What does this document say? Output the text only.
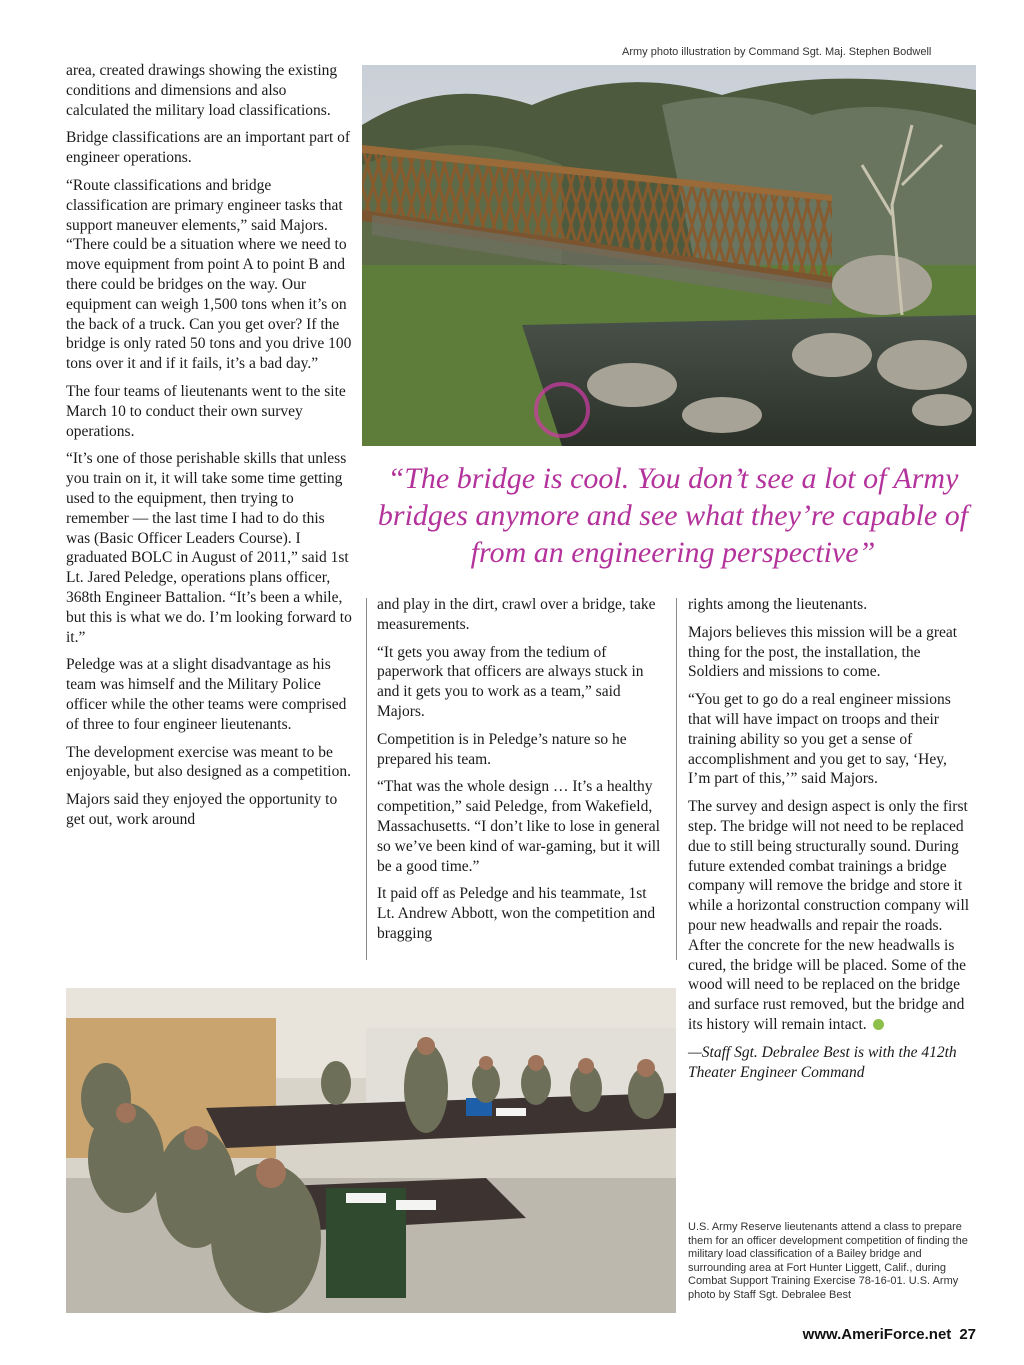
Army photo illustration by Command Sgt. Maj. Stephen Bodwell

area, created drawings showing the existing conditions and dimensions and also calculated the military load classifications.

Bridge classifications are an important part of engineer operations.

“Route classifications and bridge classification are primary engineer tasks that support maneuver elements,” said Majors. “There could be a situation where we need to move equipment from point A to point B and there could be bridges on the way. Our equipment can weigh 1,500 tons when it’s on the back of a truck. Can you get over? If the bridge is only rated 50 tons and you drive 100 tons over it and if it fails, it’s a bad day.”

The four teams of lieutenants went to the site March 10 to conduct their own survey operations.

“It’s one of those perishable skills that unless you train on it, it will take some time getting used to the equipment, then trying to remember — the last time I had to do this was (Basic Officer Leaders Course). I graduated BOLC in August of 2011,” said 1st Lt. Jared Peledge, operations plans officer, 368th Engineer Battalion. “It’s been a while, but this is what we do. I’m looking forward to it.”

Peledge was at a slight disadvantage as his team was himself and the Military Police officer while the other teams were comprised of three to four engineer lieutenants.

The development exercise was meant to be enjoyable, but also designed as a competition.

Majors said they enjoyed the opportunity to get out, work around

“The bridge is cool. You don’t see a lot of Army bridges anymore and see what they’re capable of from an engineering perspective”

and play in the dirt, crawl over a bridge, take measurements.

“It gets you away from the tedium of paperwork that officers are always stuck in and it gets you to work as a team,” said Majors.

Competition is in Peledge’s nature so he prepared his team.

“That was the whole design … It’s a healthy competition,” said Peledge, from Wakefield, Massachusetts. “I don’t like to lose in general so we’ve been kind of war-gaming, but it will be a good time.”

It paid off as Peledge and his teammate, 1st Lt. Andrew Abbott, won the competition and bragging

rights among the lieutenants.

Majors believes this mission will be a great thing for the post, the installation, the Soldiers and missions to come.

“You get to go do a real engineer missions that will have impact on troops and their training ability so you get a sense of accomplishment and you get to say, ‘Hey, I’m part of this,’” said Majors.

The survey and design aspect is only the first step. The bridge will not need to be replaced due to still being structurally sound. During future extended combat trainings a bridge company will remove the bridge and store it while a horizontal construction company will pour new headwalls and repair the roads. After the concrete for the new headwalls is cured, the bridge will be placed. Some of the wood will need to be replaced on the bridge and surface rust removed, but the bridge and its history will remain intact.

—Staff Sgt. Debralee Best is with the 412th Theater Engineer Command

U.S. Army Reserve lieutenants attend a class to prepare them for an officer development competition of finding the military load classification of a Bailey bridge and surrounding area at Fort Hunter Liggett, Calif., during Combat Support Training Exercise 78-16-01. U.S. Army photo by Staff Sgt. Debralee Best
www.AmeriForce.net 27
